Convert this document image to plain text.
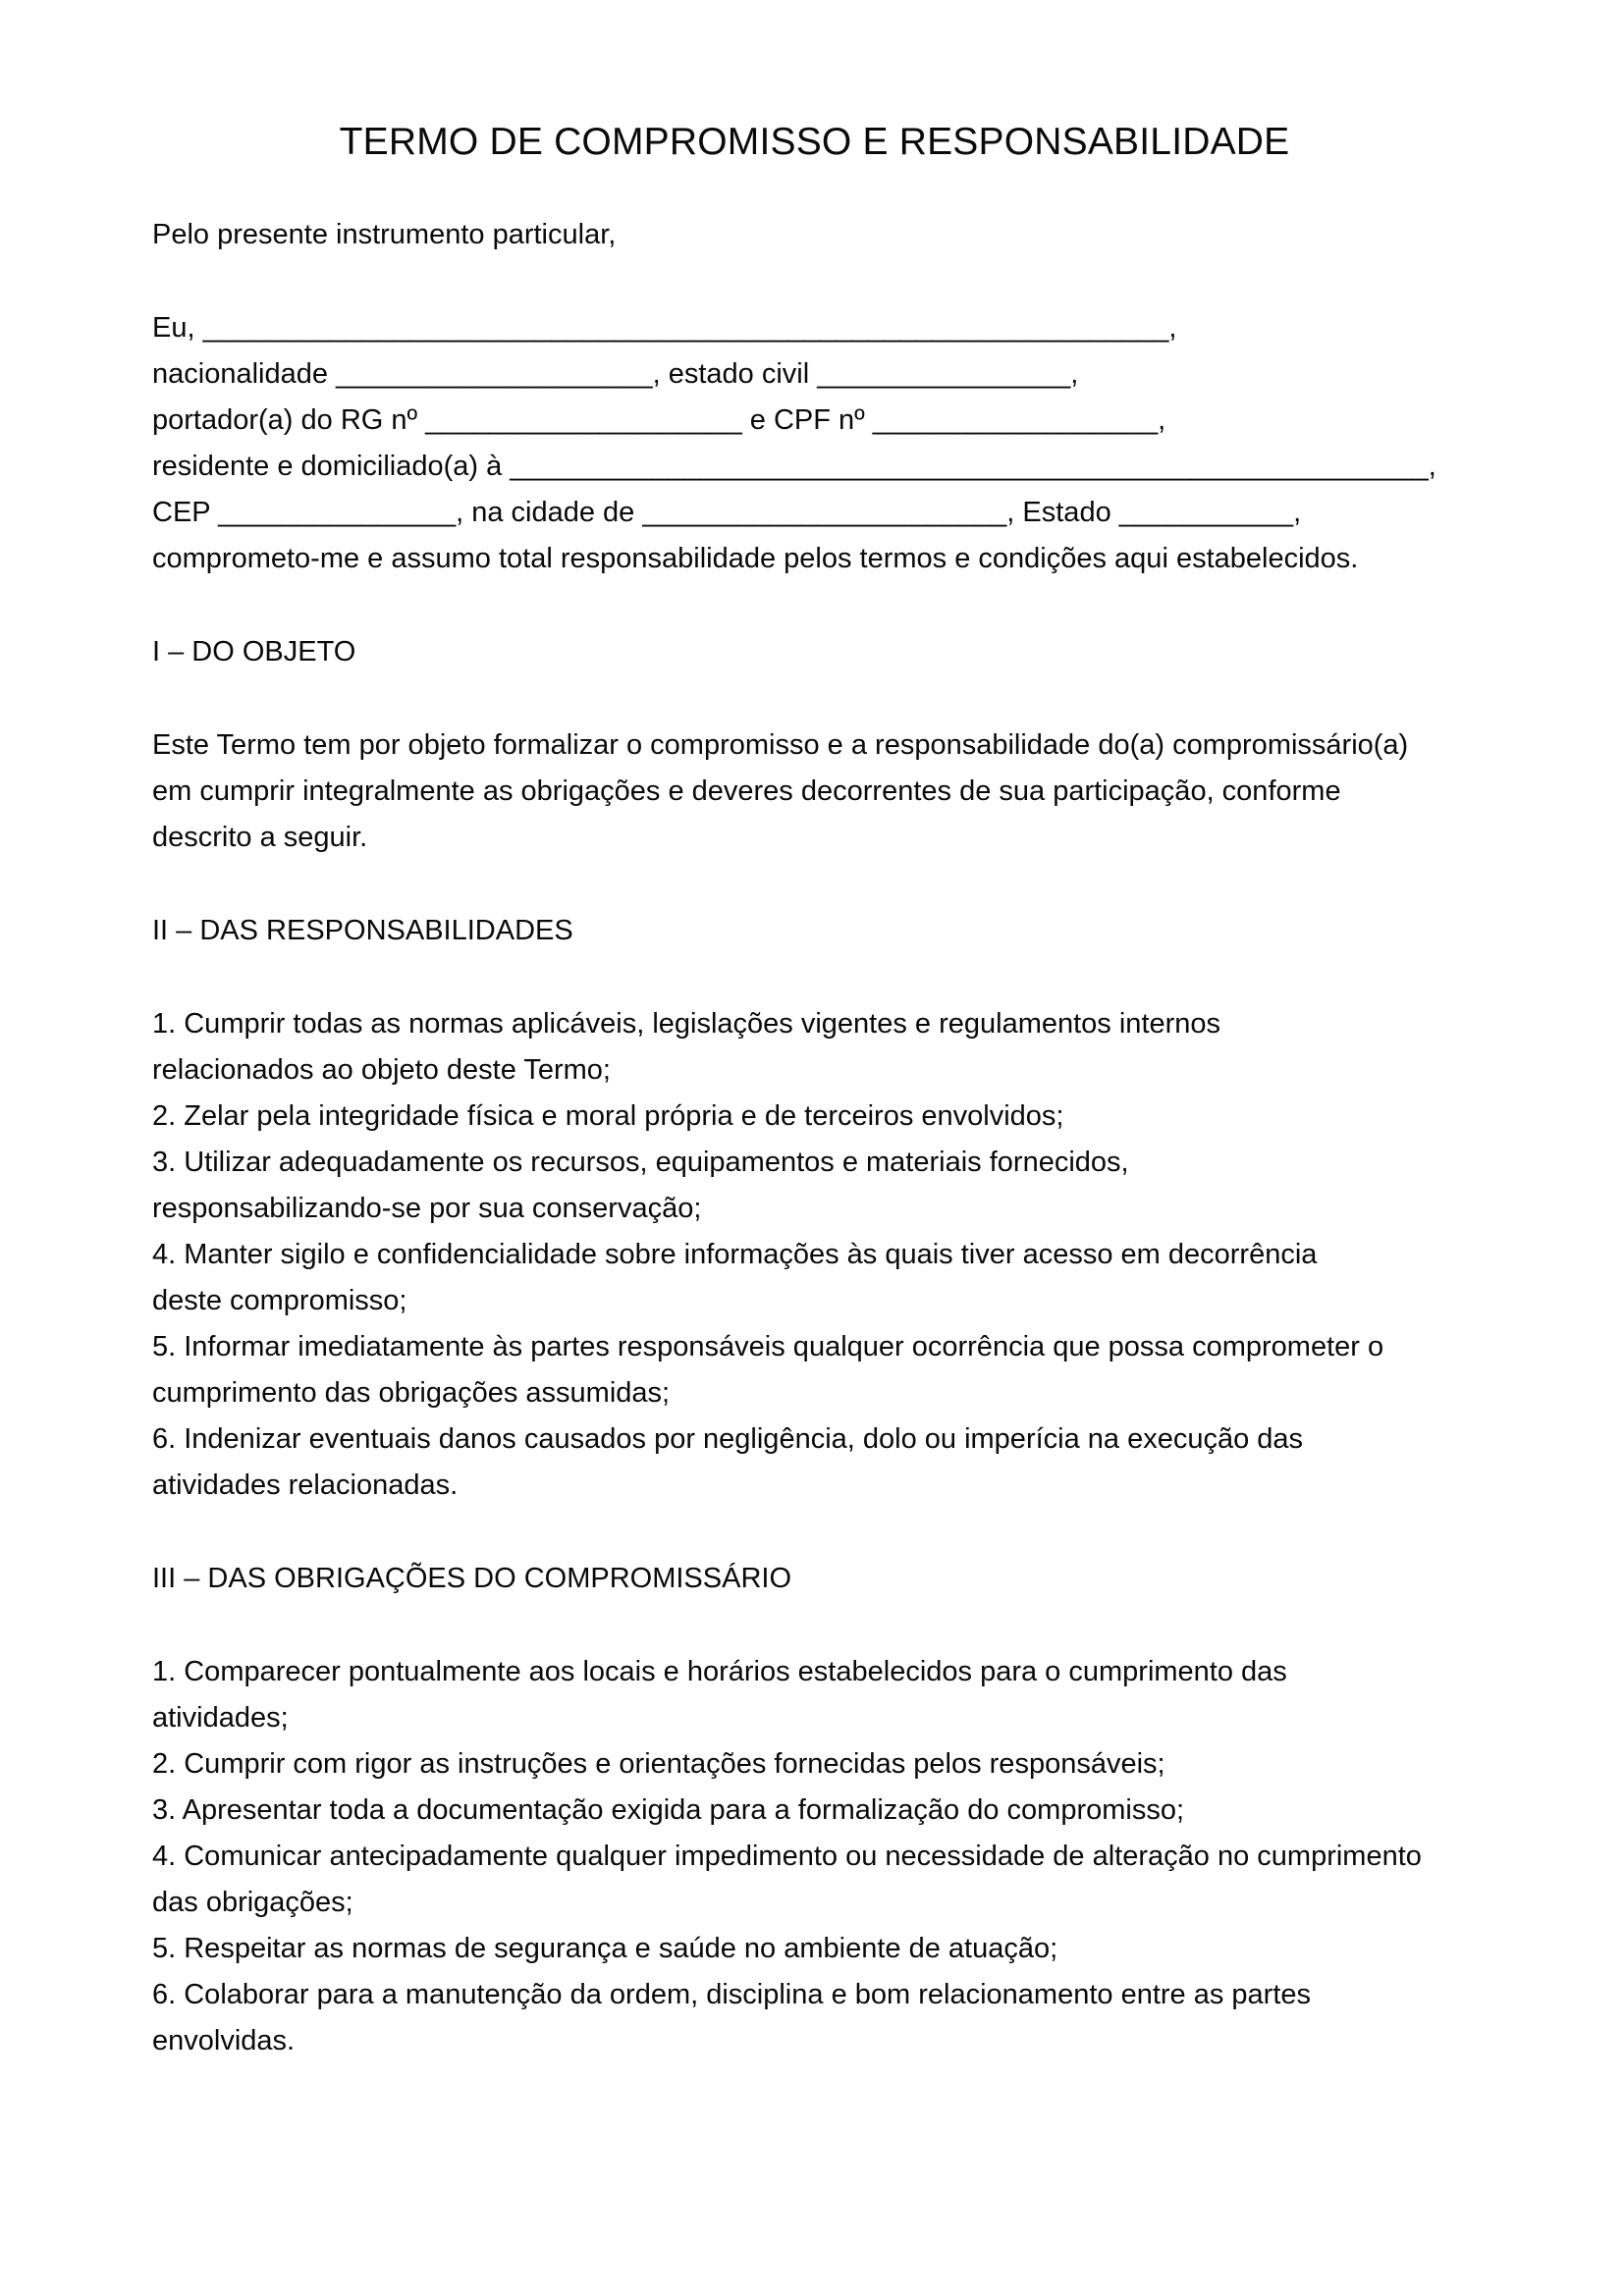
TERMO DE COMPROMISSO E RESPONSABILIDADE

Pelo presente instrumento particular,

Eu, _____________________________________________________________,
nacionalidade ____________________, estado civil ________________,
portador(a) do RG nº ____________________ e CPF nº __________________,
residente e domiciliado(a) à __________________________________________________________,
CEP _______________, na cidade de _______________________, Estado ___________,
comprometo-me e assumo total responsabilidade pelos termos e condições aqui estabelecidos.
I – DO OBJETO
Este Termo tem por objeto formalizar o compromisso e a responsabilidade do(a) compromissário(a)
em cumprir integralmente as obrigações e deveres decorrentes de sua participação, conforme
descrito a seguir.
II – DAS RESPONSABILIDADES
1. Cumprir todas as normas aplicáveis, legislações vigentes e regulamentos internos
relacionados ao objeto deste Termo;
2. Zelar pela integridade física e moral própria e de terceiros envolvidos;
3. Utilizar adequadamente os recursos, equipamentos e materiais fornecidos,
responsabilizando-se por sua conservação;
4. Manter sigilo e confidencialidade sobre informações às quais tiver acesso em decorrência
deste compromisso;
5. Informar imediatamente às partes responsáveis qualquer ocorrência que possa comprometer o
cumprimento das obrigações assumidas;
6. Indenizar eventuais danos causados por negligência, dolo ou imperícia na execução das
atividades relacionadas.
III – DAS OBRIGAÇÕES DO COMPROMISSÁRIO
1. Comparecer pontualmente aos locais e horários estabelecidos para o cumprimento das
atividades;
2. Cumprir com rigor as instruções e orientações fornecidas pelos responsáveis;
3. Apresentar toda a documentação exigida para a formalização do compromisso;
4. Comunicar antecipadamente qualquer impedimento ou necessidade de alteração no cumprimento
das obrigações;
5. Respeitar as normas de segurança e saúde no ambiente de atuação;
6. Colaborar para a manutenção da ordem, disciplina e bom relacionamento entre as partes
envolvidas.
